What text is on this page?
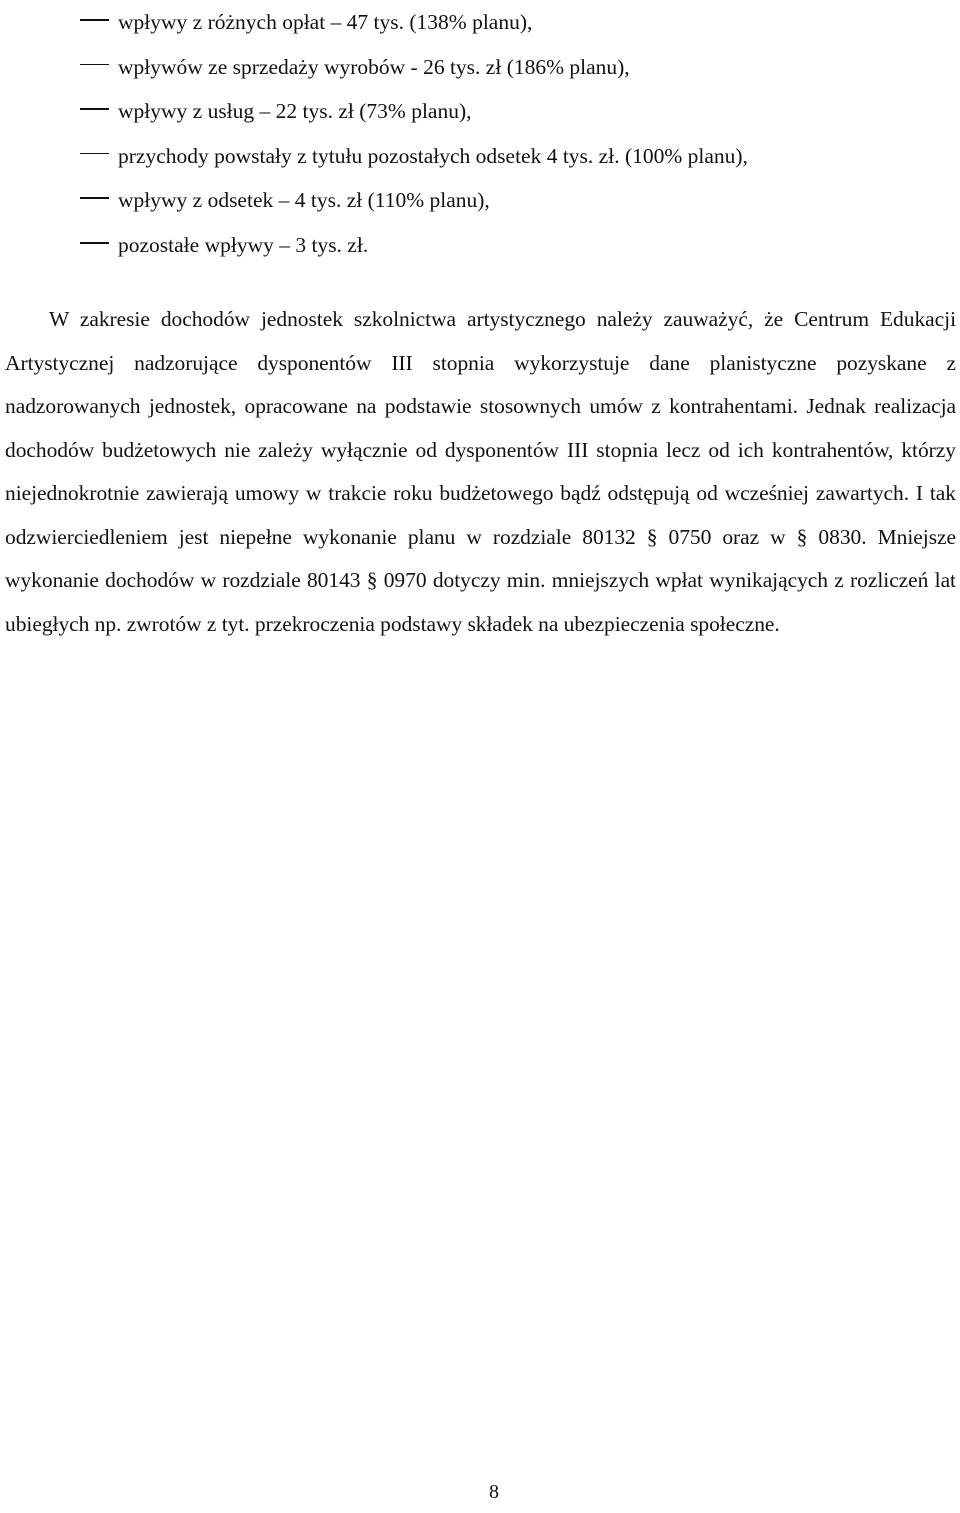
wpływy z różnych opłat – 47 tys. (138% planu),
wpływów ze sprzedaży wyrobów - 26 tys. zł (186% planu),
wpływy z usług – 22 tys. zł (73% planu),
przychody powstały z tytułu pozostałych odsetek 4 tys. zł. (100% planu),
wpływy z odsetek – 4 tys. zł (110% planu),
pozostałe wpływy – 3 tys. zł.

W zakresie dochodów jednostek szkolnictwa artystycznego należy zauważyć, że Centrum Edukacji Artystycznej nadzorujące dysponentów III stopnia wykorzystuje dane planistyczne pozyskane z nadzorowanych jednostek, opracowane na podstawie stosownych umów z kontrahentami. Jednak realizacja dochodów budżetowych nie zależy wyłącznie od dysponentów III stopnia lecz od ich kontrahentów, którzy niejednokrotnie zawierają umowy w trakcie roku budżetowego bądź odstępują od wcześniej zawartych. I tak odzwierciedleniem jest niepełne wykonanie planu w rozdziale 80132 § 0750 oraz w § 0830. Mniejsze wykonanie dochodów w rozdziale 80143 § 0970 dotyczy min. mniejszych wpłat wynikających z rozliczeń lat ubiegłych np. zwrotów z tyt. przekroczenia podstawy składek na ubezpieczenia społeczne.

8
